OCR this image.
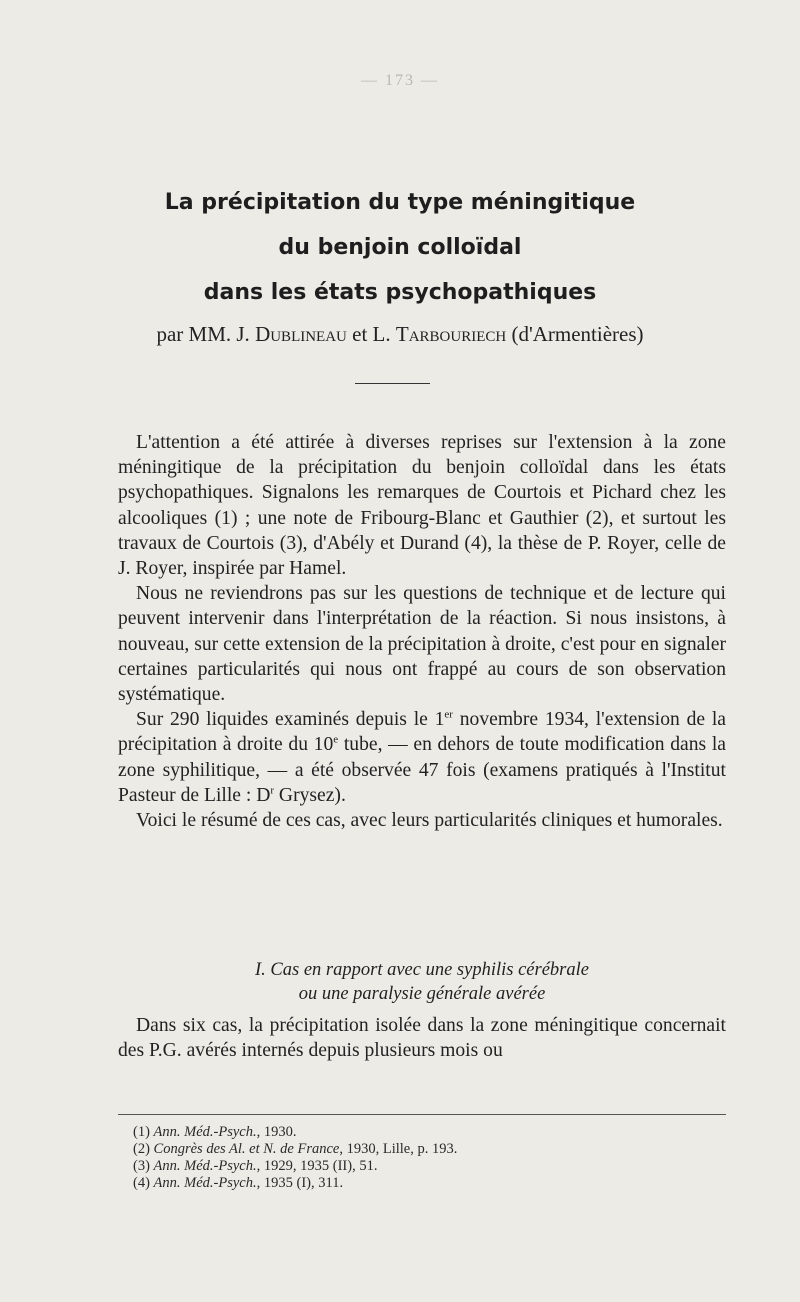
— 173 —
La précipitation du type méningitique
du benjoin colloïdal
dans les états psychopathiques
par MM. J. Dublineau et L. Tarbouriech (d'Armentières)

L'attention a été attirée à diverses reprises sur l'extension à la zone méningitique de la précipitation du benjoin colloïdal dans les états psychopathiques. Signalons les remarques de Courtois et Pichard chez les alcooliques (1) ; une note de Fribourg-Blanc et Gauthier (2), et surtout les travaux de Courtois (3), d'Abély et Durand (4), la thèse de P. Royer, celle de J. Royer, inspirée par Hamel.

Nous ne reviendrons pas sur les questions de technique et de lecture qui peuvent intervenir dans l'interprétation de la réaction. Si nous insistons, à nouveau, sur cette extension de la précipitation à droite, c'est pour en signaler certaines particularités qui nous ont frappé au cours de son observation systématique.

Sur 290 liquides examinés depuis le 1er novembre 1934, l'extension de la précipitation à droite du 10e tube, — en dehors de toute modification dans la zone syphilitique, — a été observée 47 fois (examens pratiqués à l'Institut Pasteur de Lille : $D^r$ Grysez).

Voici le résumé de ces cas, avec leurs particularités cliniques et humorales.

I. Cas en rapport avec une syphilis cérébrale
ou une paralysie générale avérée

Dans six cas, la précipitation isolée dans la zone méningitique concernait des P.G. avérés internés depuis plusieurs mois ou

(1) Ann. Méd.-Psych., 1930.
(2) Congrès des Al. et N. de France, 1930, Lille, p. 193.
(3) Ann. Méd.-Psych., 1929, 1935 (II), 51.
(4) Ann. Méd.-Psych., 1935 (I), 311.
